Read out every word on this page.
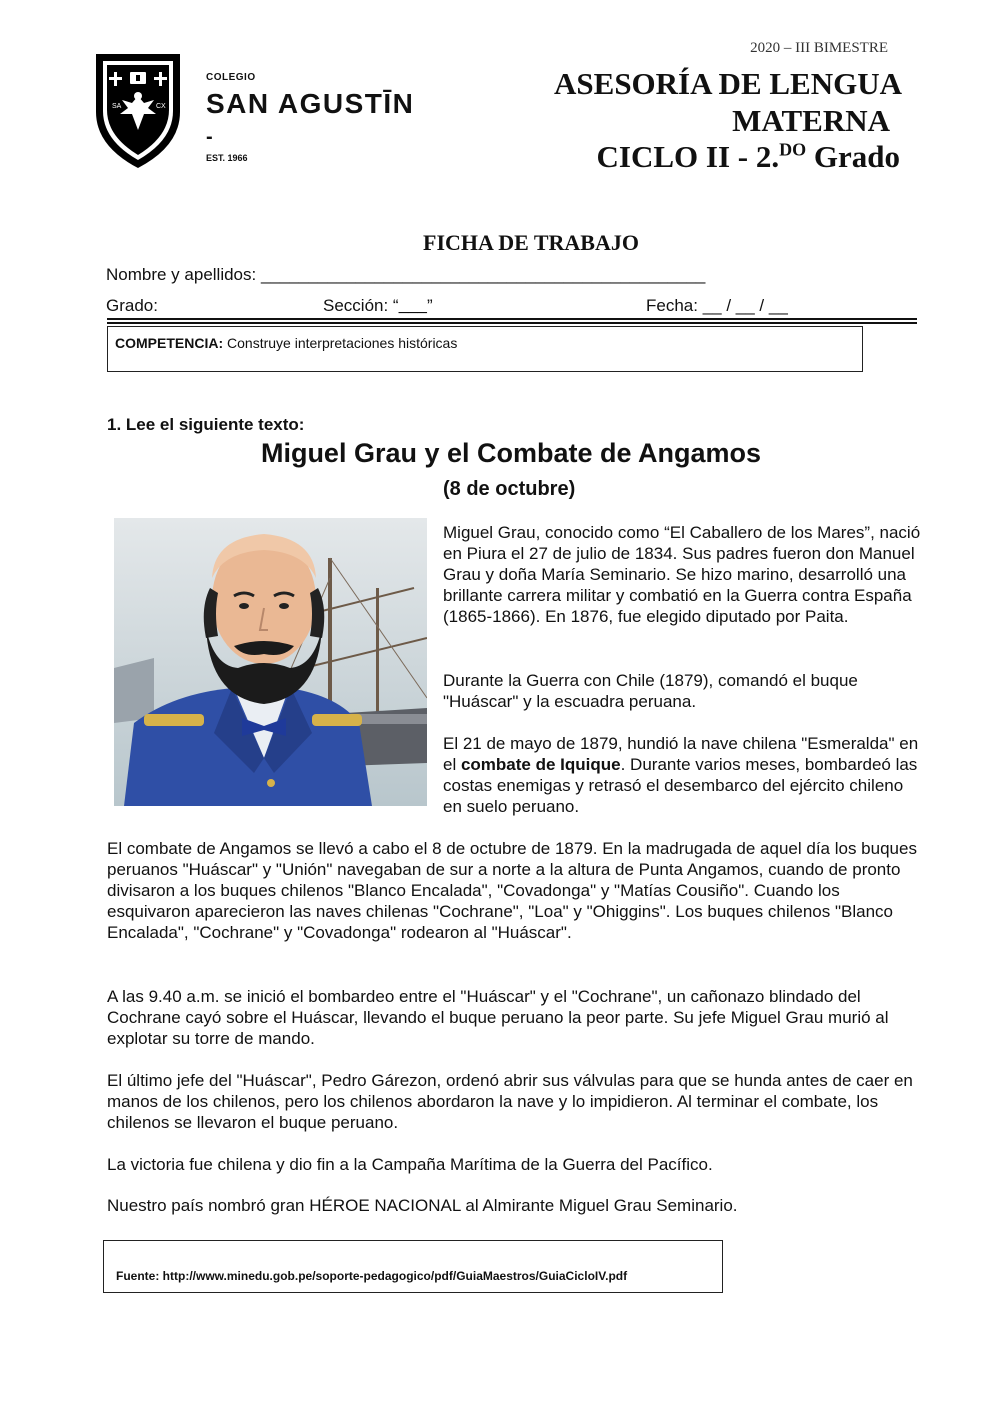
SA	CX
COLEGIO
SAN AGUSTĪN
-
EST. 1966
2020 – III BIMESTRE
ASESORÍA DE LENGUA
MATERNA
CICLO II - 2.$^{DO}$ Grado
FICHA DE TRABAJO
Nombre y apellidos: _______________________________________________
Grado:	Sección: “___”	Fecha: __ / __ / __
COMPETENCIA: Construye interpretaciones históricas
1. Lee el siguiente texto:
Miguel Grau y el Combate de Angamos
(8 de octubre)

Miguel Grau, conocido como “El Caballero de los Mares”, nació en Piura el 27 de julio de 1834. Sus padres fueron don Manuel Grau y doña María Seminario. Se hizo marino, desarrolló una brillante carrera militar y combatió en la Guerra contra España (1865-1866). En 1876, fue elegido diputado por Paita.

Durante la Guerra con Chile (1879), comandó el buque "Huáscar" y la escuadra peruana.

El 21 de mayo de 1879, hundió la nave chilena "Esmeralda" en el combate de Iquique. Durante varios meses, bombardeó las costas enemigas y retrasó el desembarco del ejército chileno en suelo peruano.

El combate de Angamos se llevó a cabo el 8 de octubre de 1879. En la madrugada de aquel día los buques peruanos "Huáscar" y "Unión" navegaban de sur a norte a la altura de Punta Angamos, cuando de pronto divisaron a los buques chilenos "Blanco Encalada", "Covadonga" y "Matías Cousiño". Cuando los esquivaron aparecieron las naves chilenas "Cochrane", "Loa" y "Ohiggins". Los buques chilenos "Blanco Encalada", "Cochrane" y "Covadonga" rodearon al "Huáscar".

A las 9.40 a.m. se inició el bombardeo entre el "Huáscar" y el "Cochrane", un cañonazo blindado del Cochrane cayó sobre el Huáscar, llevando el buque peruano la peor parte. Su jefe Miguel Grau murió al explotar su torre de mando.

El último jefe del "Huáscar", Pedro Gárezon, ordenó abrir sus válvulas para que se hunda antes de caer en manos de los chilenos, pero los chilenos abordaron la nave y lo impidieron. Al terminar el combate, los chilenos se llevaron el buque peruano.

La victoria fue chilena y dio fin a la Campaña Marítima de la Guerra del Pacífico.

Nuestro país nombró gran HÉROE NACIONAL al Almirante Miguel Grau Seminario.

Fuente: http://www.minedu.gob.pe/soporte-pedagogico/pdf/GuiaMaestros/GuiaCicloIV.pdf
